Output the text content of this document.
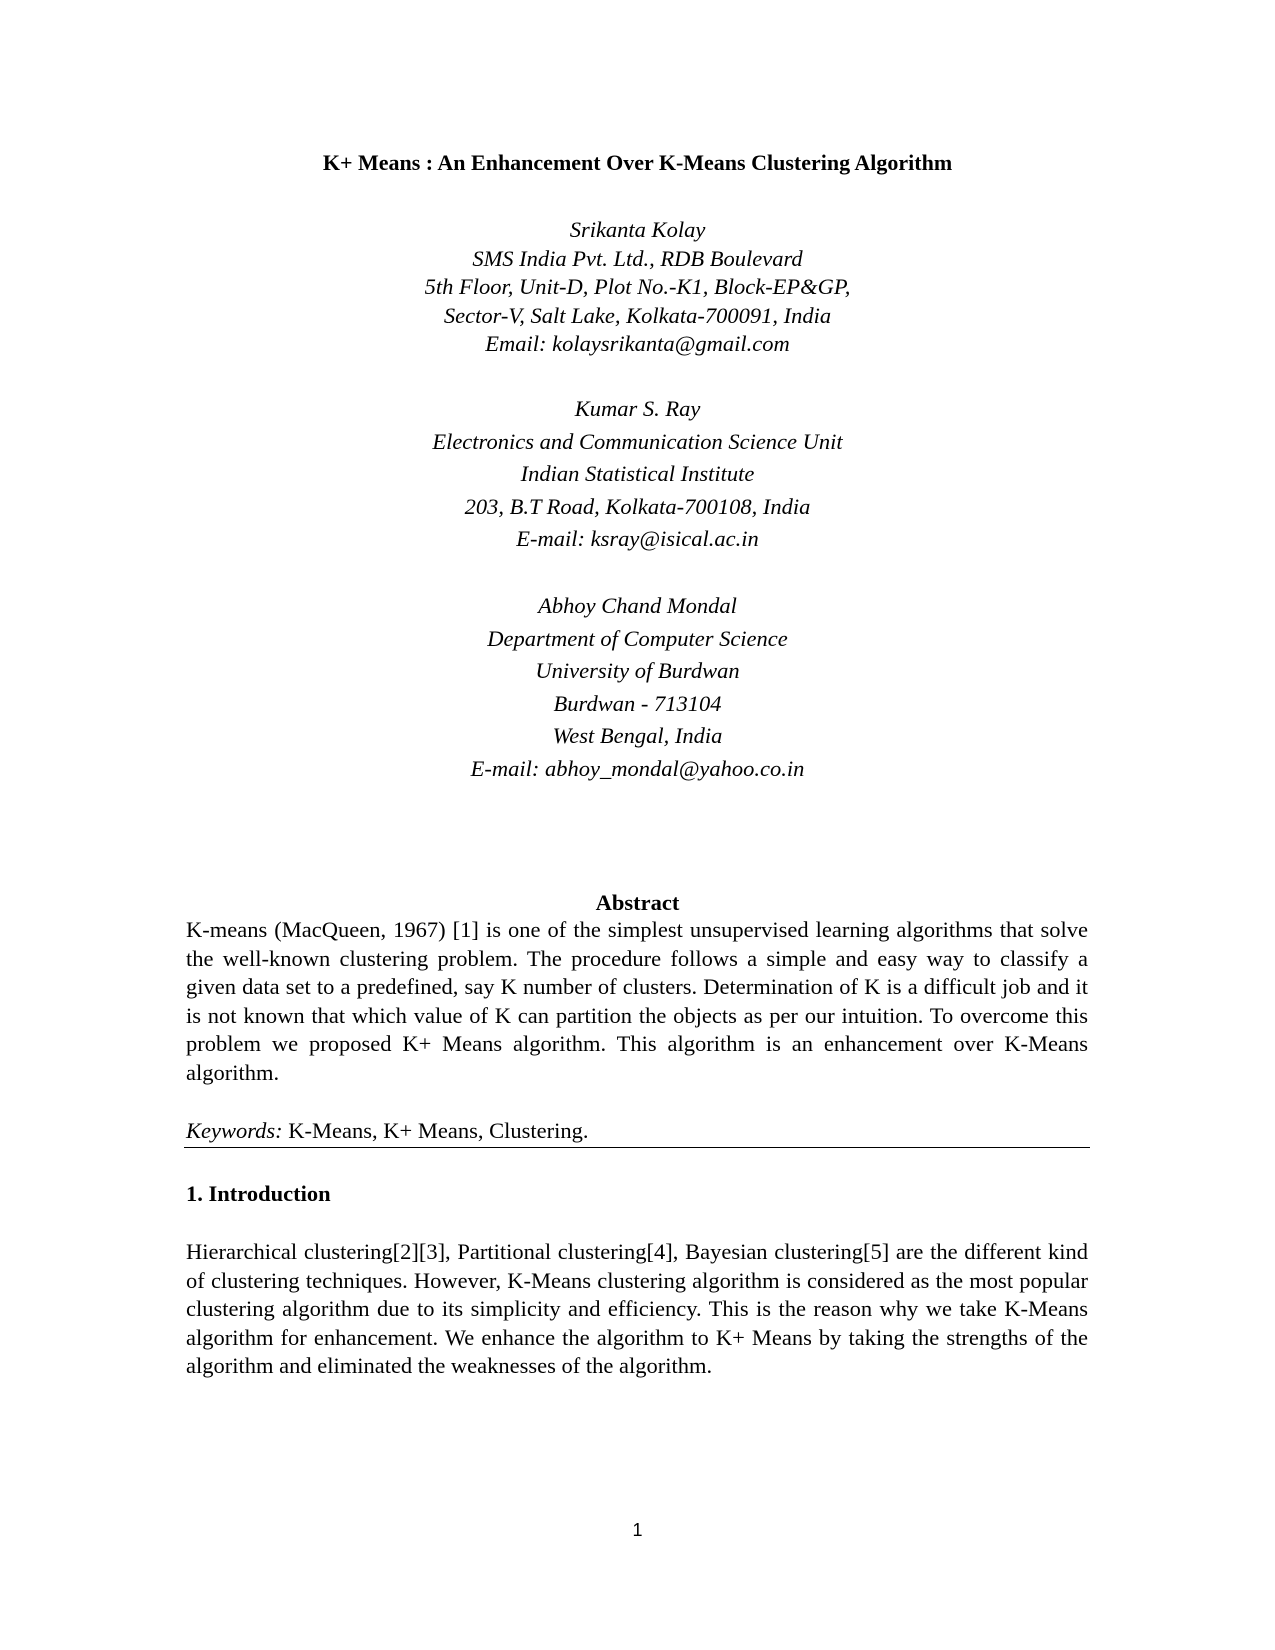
K+ Means : An Enhancement Over K-Means Clustering Algorithm
Srikanta Kolay
SMS India Pvt. Ltd., RDB Boulevard
5th Floor, Unit-D, Plot No.-K1, Block-EP&GP,
Sector-V, Salt Lake, Kolkata-700091, India
Email: kolaysrikanta@gmail.com
Kumar S. Ray
Electronics and Communication Science Unit
Indian Statistical Institute
203, B.T Road, Kolkata-700108, India
E-mail: ksray@isical.ac.in
Abhoy Chand Mondal
Department of Computer Science
University of Burdwan
Burdwan - 713104
West Bengal, India
E-mail: abhoy_mondal@yahoo.co.in
Abstract
K-means (MacQueen, 1967) [1] is one of the simplest unsupervised learning algorithms that solve the well-known clustering problem. The procedure follows a simple and easy way to classify a given data set to a predefined, say K number of clusters. Determination of K is a difficult job and it is not known that which value of K can partition the objects as per our intuition. To overcome this problem we proposed K+ Means algorithm. This algorithm is an enhancement over K-Means algorithm.
Keywords: K-Means, K+ Means, Clustering.
1. Introduction
Hierarchical clustering[2][3], Partitional clustering[4], Bayesian clustering[5] are the different kind of clustering techniques. However, K-Means clustering algorithm is considered as the most popular clustering algorithm due to its simplicity and efficiency. This is the reason why we take K-Means algorithm for enhancement. We enhance the algorithm to K+ Means by taking the strengths of the algorithm and eliminated the weaknesses of the algorithm.
1
